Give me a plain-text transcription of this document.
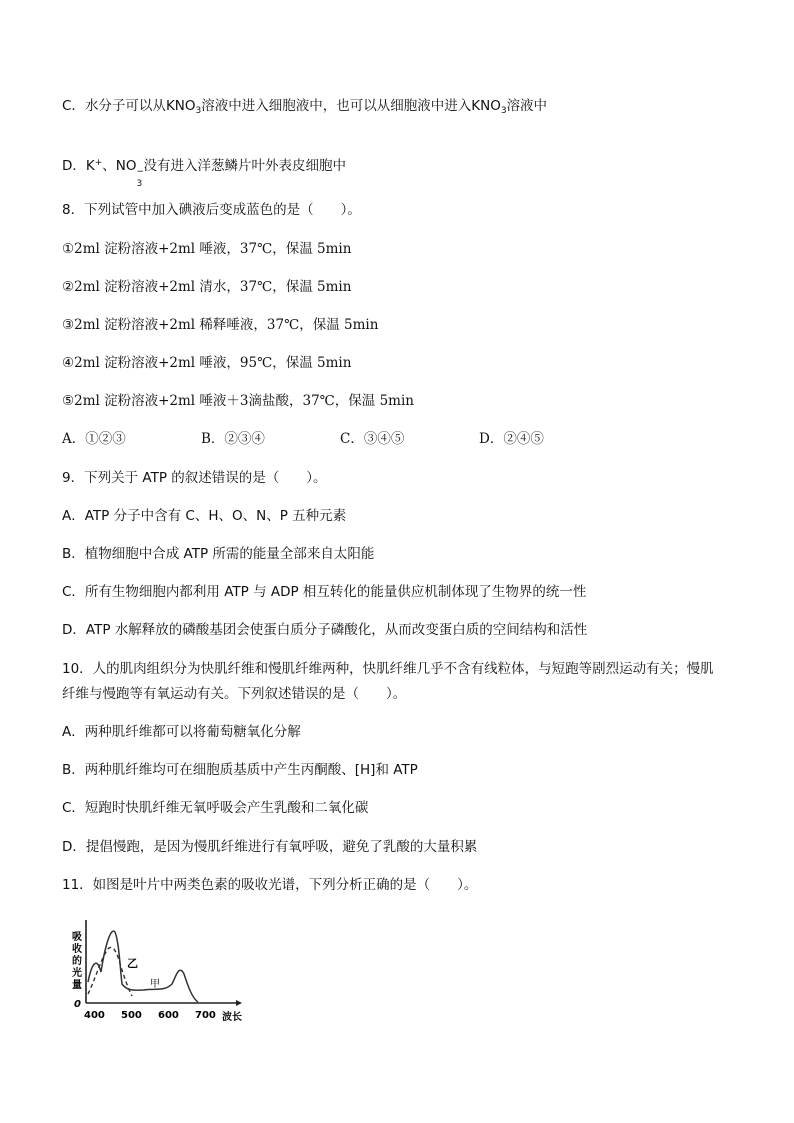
C．水分子可以从$KNO_3$溶液中进入细胞液中，也可以从细胞液中进入$KNO_3$溶液中
D．K+、NO −
3
没有进入洋葱鳞片叶外表皮细胞中
8．下列试管中加入碘液后变成蓝色的是（　　）。
①2ml 淀粉溶液+2ml 唾液，37℃，保温 5min
②2ml 淀粉溶液+2ml 清水，37℃，保温 5min
③2ml 淀粉溶液+2ml 稀释唾液，37℃，保温 5min
④2ml 淀粉溶液+2ml 唾液，95℃，保温 5min
⑤2ml 淀粉溶液+2ml 唾液＋3滴盐酸，37℃，保温 5min
A．①②③	B．②③④	C．③④⑤	D．②④⑤
9．下列关于 ATP 的叙述错误的是（　　）。
A．ATP 分子中含有 C、H、O、N、P 五种元素
B．植物细胞中合成 ATP 所需的能量全部来自太阳能
C．所有生物细胞内都利用 ATP 与 ADP 相互转化的能量供应机制体现了生物界的统一性
D．ATP 水解释放的磷酸基团会使蛋白质分子磷酸化，从而改变蛋白质的空间结构和活性
10．人的肌肉组织分为快肌纤维和慢肌纤维两种，快肌纤维几乎不含有线粒体，与短跑等剧烈运动有关；慢肌
纤维与慢跑等有氧运动有关。下列叙述错误的是（　　）。
A．两种肌纤维都可以将葡萄糖氧化分解
B．两种肌纤维均可在细胞质基质中产生丙酮酸、[H]和 ATP
C．短跑时快肌纤维无氧呼吸会产生乳酸和二氧化碳
D．提倡慢跑，是因为慢肌纤维进行有氧呼吸，避免了乳酸的大量积累
11．如图是叶片中两类色素的吸收光谱，下列分析正确的是（　　）。
吸
收
的
光
量
0
乙
甲
400 500 600 700 波长
